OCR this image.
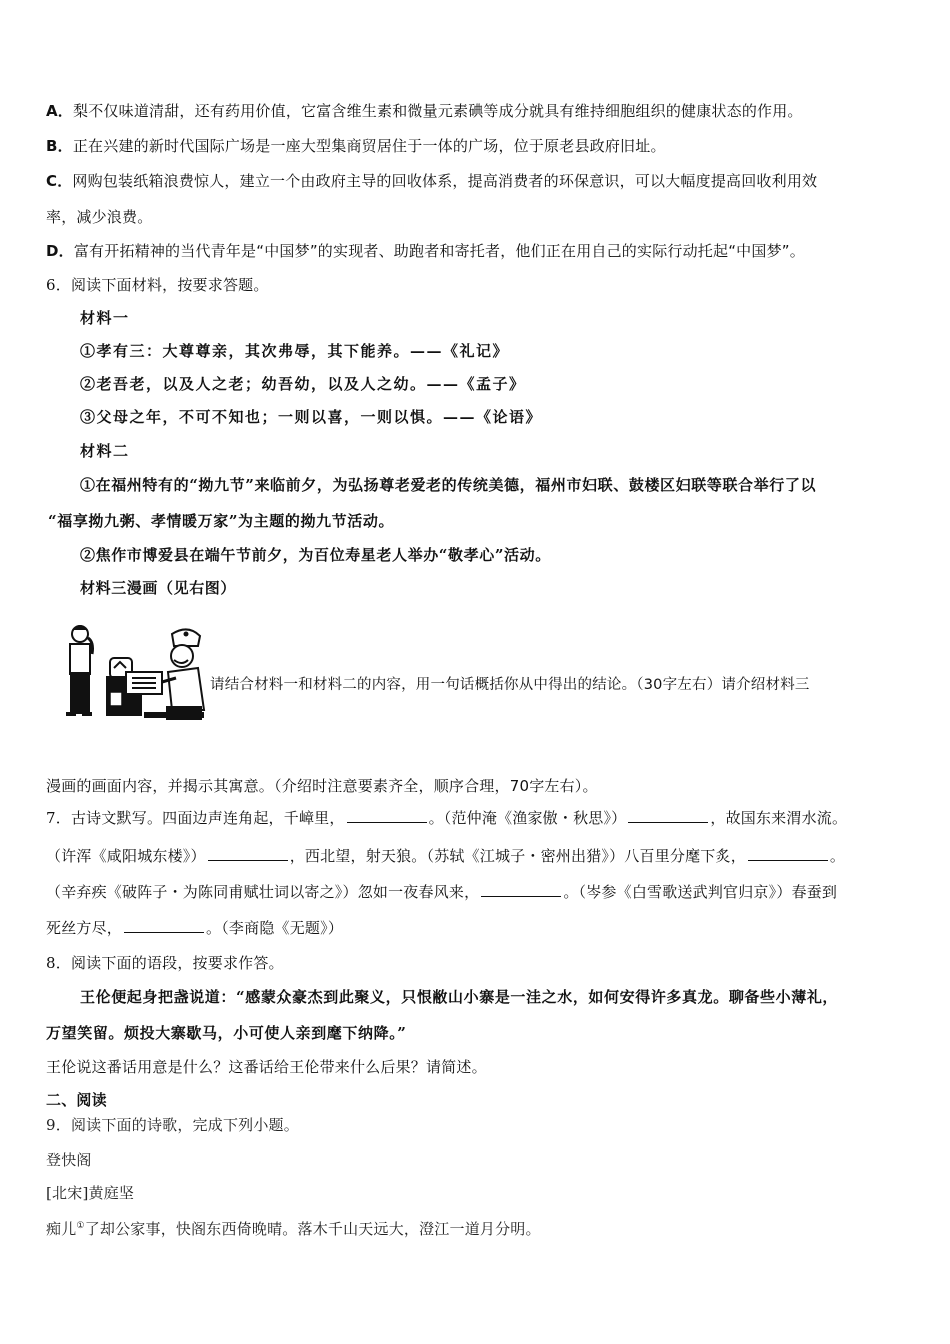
A．梨不仅味道清甜，还有药用价值，它富含维生素和微量元素碘等成分就具有维持细胞组织的健康状态的作用。
B．正在兴建的新时代国际广场是一座大型集商贸居住于一体的广场，位于原老县政府旧址。
C．网购包装纸箱浪费惊人，建立一个由政府主导的回收体系，提高消费者的环保意识，可以大幅度提高回收利用效
率，减少浪费。
D．富有开拓精神的当代青年是“中国梦”的实现者、助跑者和寄托者，他们正在用自己的实际行动托起“中国梦”。
6．阅读下面材料，按要求答题。
材料一
①孝有三：大尊尊亲，其次弗辱，其下能养。——《礼记》
②老吾老，以及人之老；幼吾幼，以及人之幼。——《孟子》
③父母之年，不可不知也；一则以喜，一则以惧。——《论语》
材料二
①在福州特有的“拗九节”来临前夕，为弘扬尊老爱老的传统美德，福州市妇联、鼓楼区妇联等联合举行了以
“福享拗九粥、孝情暖万家”为主题的拗九节活动。
②焦作市博爱县在端午节前夕，为百位寿星老人举办“敬孝心”活动。
材料三漫画（见右图）
请结合材料一和材料二的内容，用一句话概括你从中得出的结论。（30字左右）请介绍材料三
漫画的画面内容，并揭示其寓意。（介绍时注意要素齐全，顺序合理，70字左右）。
7．古诗文默写。四面边声连角起，千嶂里，	。（范仲淹《渔家傲・秋思》）	，故国东来渭水流。
（许浑《咸阳城东楼》）	，西北望，射天狼。（苏轼《江城子・密州出猎》）八百里分麾下炙，	。
（辛弃疾《破阵子・为陈同甫赋壮词以寄之》）忽如一夜春风来，	。（岑参《白雪歌送武判官归京》）春蚕到
死丝方尽，	。（李商隐《无题》）
8．阅读下面的语段，按要求作答。
王伦便起身把盏说道：“感蒙众豪杰到此聚义，只恨敝山小寨是一洼之水，如何安得许多真龙。聊备些小薄礼，
万望笑留。烦投大寨歇马，小可使人亲到麾下纳降。”
王伦说这番话用意是什么？这番话给王伦带来什么后果？请简述。
二、阅读
9．阅读下面的诗歌，完成下列小题。
登快阁
[北宋]黄庭坚
痴儿①了却公家事，快阁东西倚晚晴。落木千山天远大，澄江一道月分明。
